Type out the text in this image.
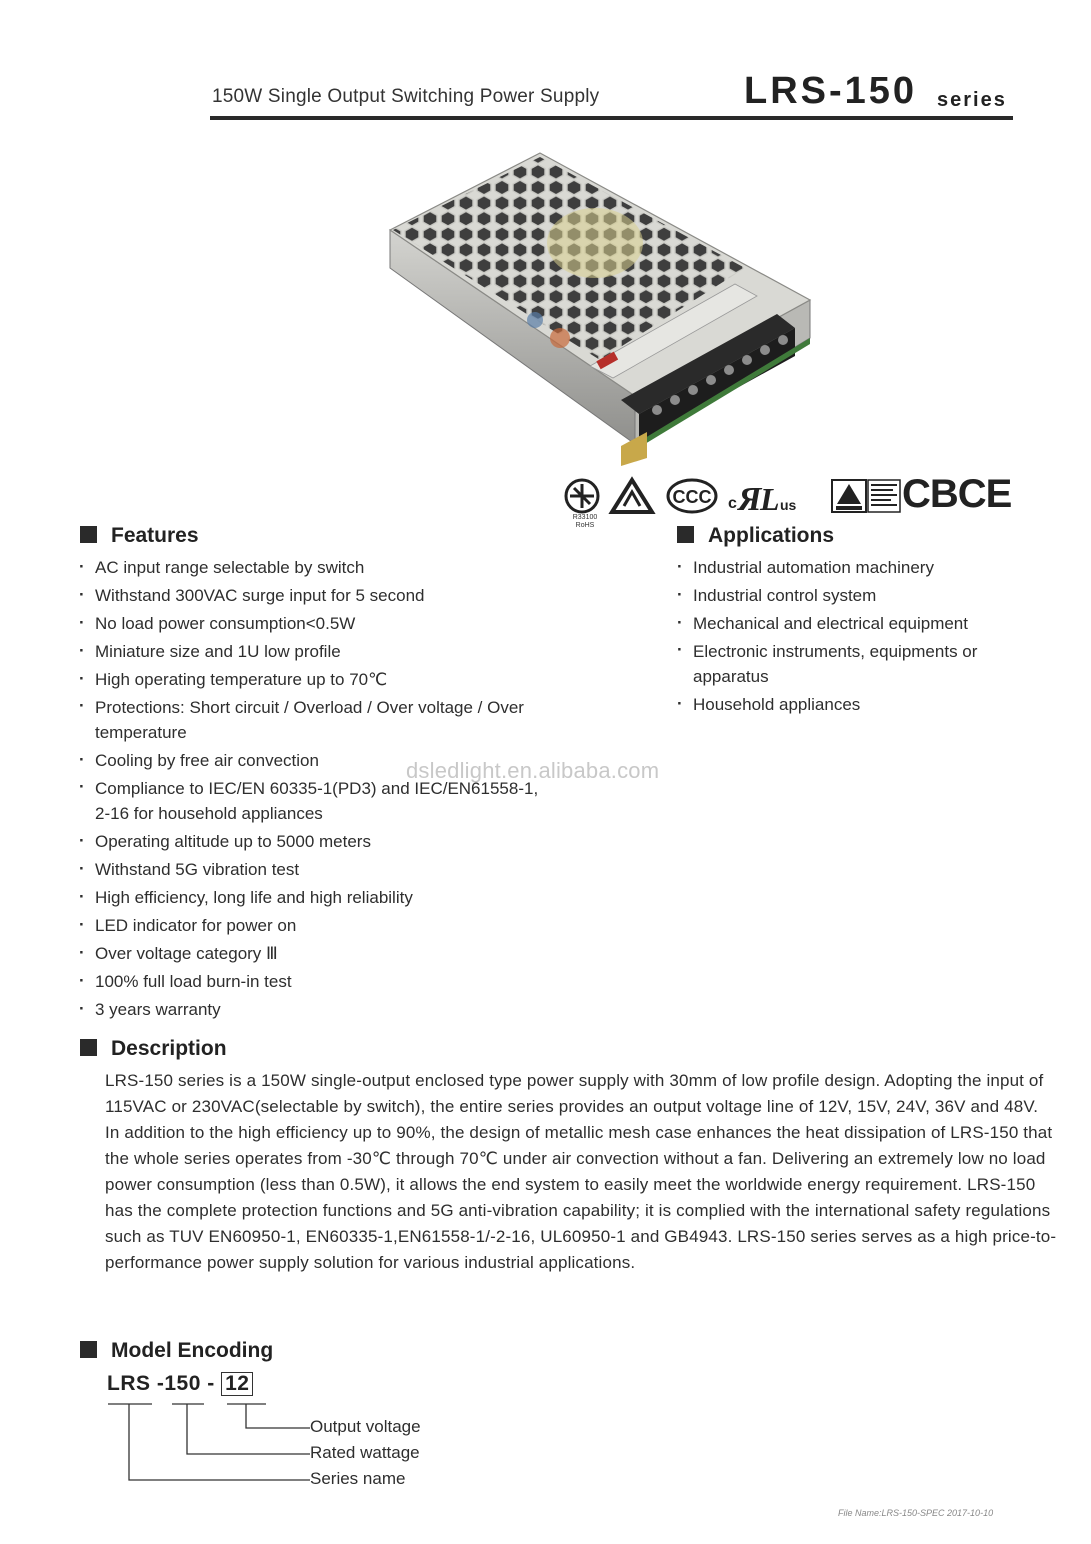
150W Single Output Switching Power Supply	LRS-150 series
CCC c Я
L us	CBCE
R33100
RoHS
Features
· AC input range selectable by switch
· Withstand 300VAC surge input for 5 second
· No load power consumption<0.5W
· Miniature size and 1U low profile
· High operating temperature up to 70℃
· Protections: Short circuit / Overload / Over voltage / Over temperature
· Cooling by free air convection
· Compliance to IEC/EN 60335-1(PD3) and IEC/EN61558-1, 2-16 for household appliances
· Operating altitude up to 5000 meters
· Withstand 5G vibration test
· High efficiency, long life and high reliability
· LED indicator for power on
· Over voltage category Ⅲ
· 100% full load burn-in test
· 3 years warranty
Applications
· Industrial automation machinery
· Industrial control system
· Mechanical and electrical equipment
· Electronic instruments, equipments or apparatus
· Household appliances
dsledlight.en.alibaba.com
Description

LRS-150 series is a 150W single-output enclosed type power supply with 30mm of low profile design. Adopting the input of 115VAC or 230VAC(selectable by switch), the entire series provides an output voltage line of 12V, 15V, 24V, 36V and 48V.

In addition to the high efficiency up to 90%, the design of metallic mesh case enhances the heat dissipation of LRS-150 that the whole series operates from -30℃ through 70℃ under air convection without a fan. Delivering an extremely low no load power consumption (less than 0.5W), it allows the end system to easily meet the worldwide energy requirement. LRS-150 has the complete protection functions and 5G anti-vibration capability; it is complied with the international safety regulations such as TUV EN60950-1, EN60335-1,EN61558-1/-2-16, UL60950-1 and GB4943. LRS-150 series serves as a high price-to-performance power supply solution for various industrial applications.

Model Encoding
LRS -150 - 12
Output voltage
Rated wattage
Series name
File Name:LRS-150-SPEC 2017-10-10
